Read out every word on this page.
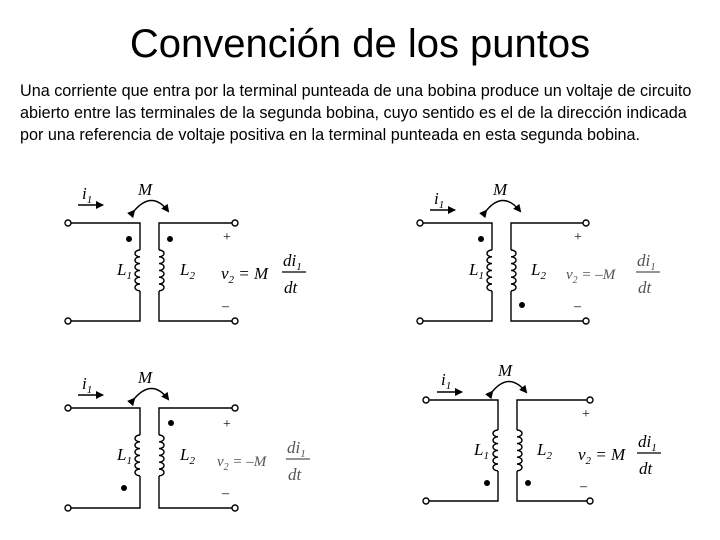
Convención de los puntos
Una corriente que entra por la terminal punteada de una bobina produce un voltaje de circuito abierto entre las terminales de la segunda bobina, cuyo sentido es el de la dirección indicada por una referencia de voltaje positiva en la terminal punteada en esta segunda bobina.
$i_1$
M
$L_1$	$L_2$
+
–
$v_2 = M$
$di_1$
dt
$i_1$
M
$L_1$	$L_2$
+
–
$v_2 = -M$
$di_1$
dt
$i_1$
M
$L_1$	$L_2$
+
–
$v_2 = -M$
$di_1$
dt
$i_1$
M
$L_1$	$L_2$
+
–
$v_2 = M$
$di_1$
dt
